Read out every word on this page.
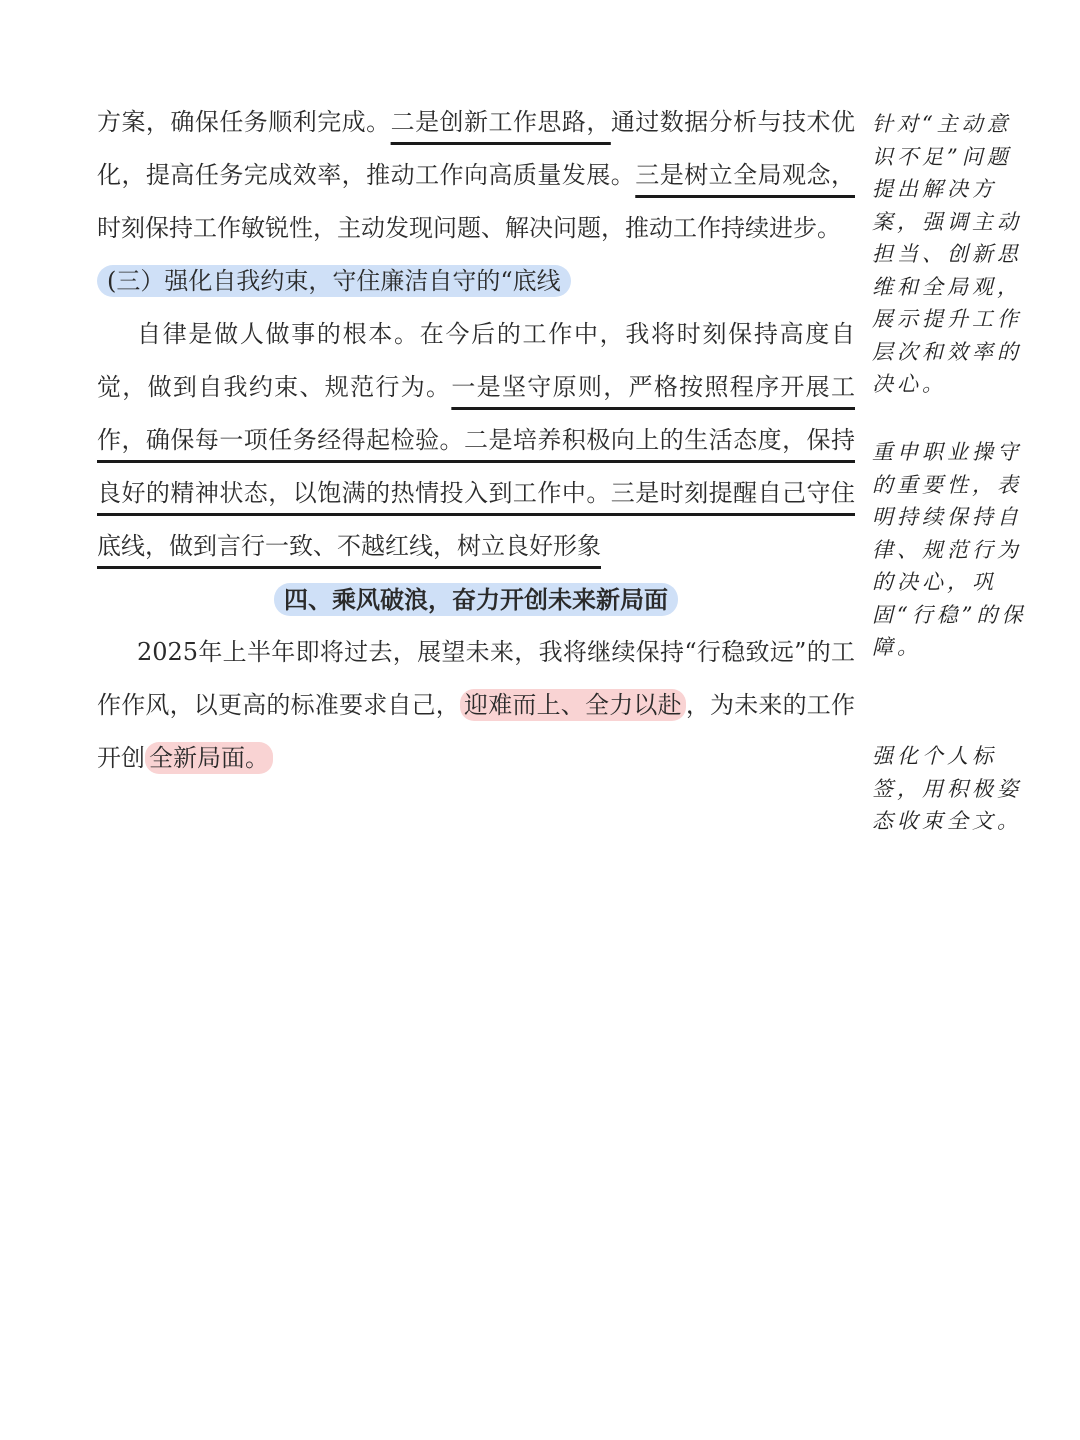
方案，确保任务顺利完成。二是创新工作思路，通过数据分析与技术优化，提高任务完成效率，推动工作向高质量发展。三是树立全局观念，时刻保持工作敏锐性，主动发现问题、解决问题，推动工作持续进步。

(三）强化自我约束，守住廉洁自守的“底线

自律是做人做事的根本。在今后的工作中，我将时刻保持高度自觉，做到自我约束、规范行为。一是坚守原则，严格按照程序开展工作，确保每一项任务经得起检验。二是培养积极向上的生活态度，保持良好的精神状态，以饱满的热情投入到工作中。三是时刻提醒自己守住底线，做到言行一致、不越红线，树立良好形象

四、乘风破浪，奋力开创未来新局面

2025年上半年即将过去，展望未来，我将继续保持“行稳致远”的工作作风，以更高的标准要求自己， 迎难而上、全力以赴 ，为未来的工作开创 全新局面。

针对“主动意识不足”问题提出解决方案，强调主动担当、创新思维和全局观，展示提升工作层次和效率的决心。

重申职业操守的重要性，表明持续保持自律、规范行为的决心，巩固“行稳”的保障。

强化个人标签，用积极姿态收束全文。
